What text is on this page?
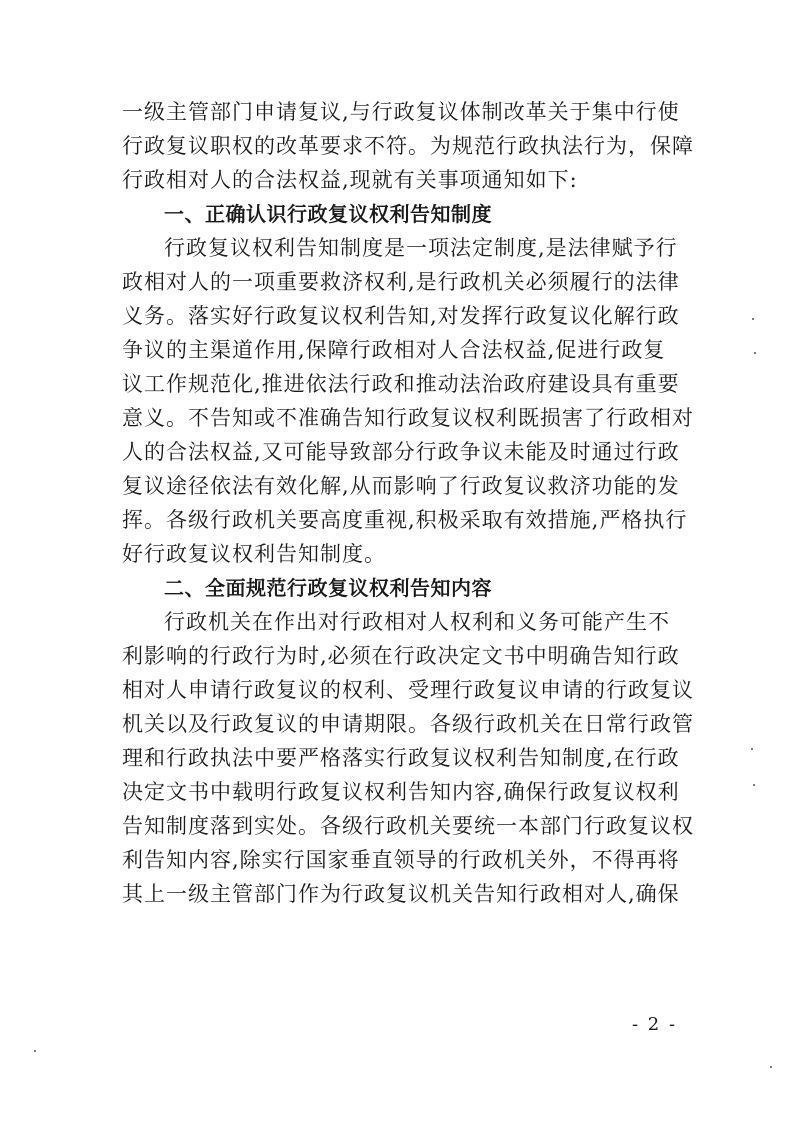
一级主管部门申请复议,与行政复议体制改革关于集中行使
行政复议职权的改革要求不符。为规范行政执法行为，保障
行政相对人的合法权益,现就有关事项通知如下:
一、正确认识行政复议权利告知制度
行政复议权利告知制度是一项法定制度,是法律赋予行
政相对人的一项重要救济权利,是行政机关必须履行的法律
义务。落实好行政复议权利告知,对发挥行政复议化解行政
争议的主渠道作用,保障行政相对人合法权益,促进行政复
议工作规范化,推进依法行政和推动法治政府建设具有重要
意义。不告知或不准确告知行政复议权利既损害了行政相对
人的合法权益,又可能导致部分行政争议未能及时通过行政
复议途径依法有效化解,从而影响了行政复议救济功能的发
挥。各级行政机关要高度重视,积极采取有效措施,严格执行
好行政复议权利告知制度。
二、全面规范行政复议权利告知内容
行政机关在作出对行政相对人权利和义务可能产生不
利影响的行政行为时,必须在行政决定文书中明确告知行政
相对人申请行政复议的权利、受理行政复议申请的行政复议
机关以及行政复议的申请期限。各级行政机关在日常行政管
理和行政执法中要严格落实行政复议权利告知制度,在行政
决定文书中载明行政复议权利告知内容,确保行政复议权利
告知制度落到实处。各级行政机关要统一本部门行政复议权
利告知内容,除实行国家垂直领导的行政机关外，不得再将
其上一级主管部门作为行政复议机关告知行政相对人,确保
- 2 -
